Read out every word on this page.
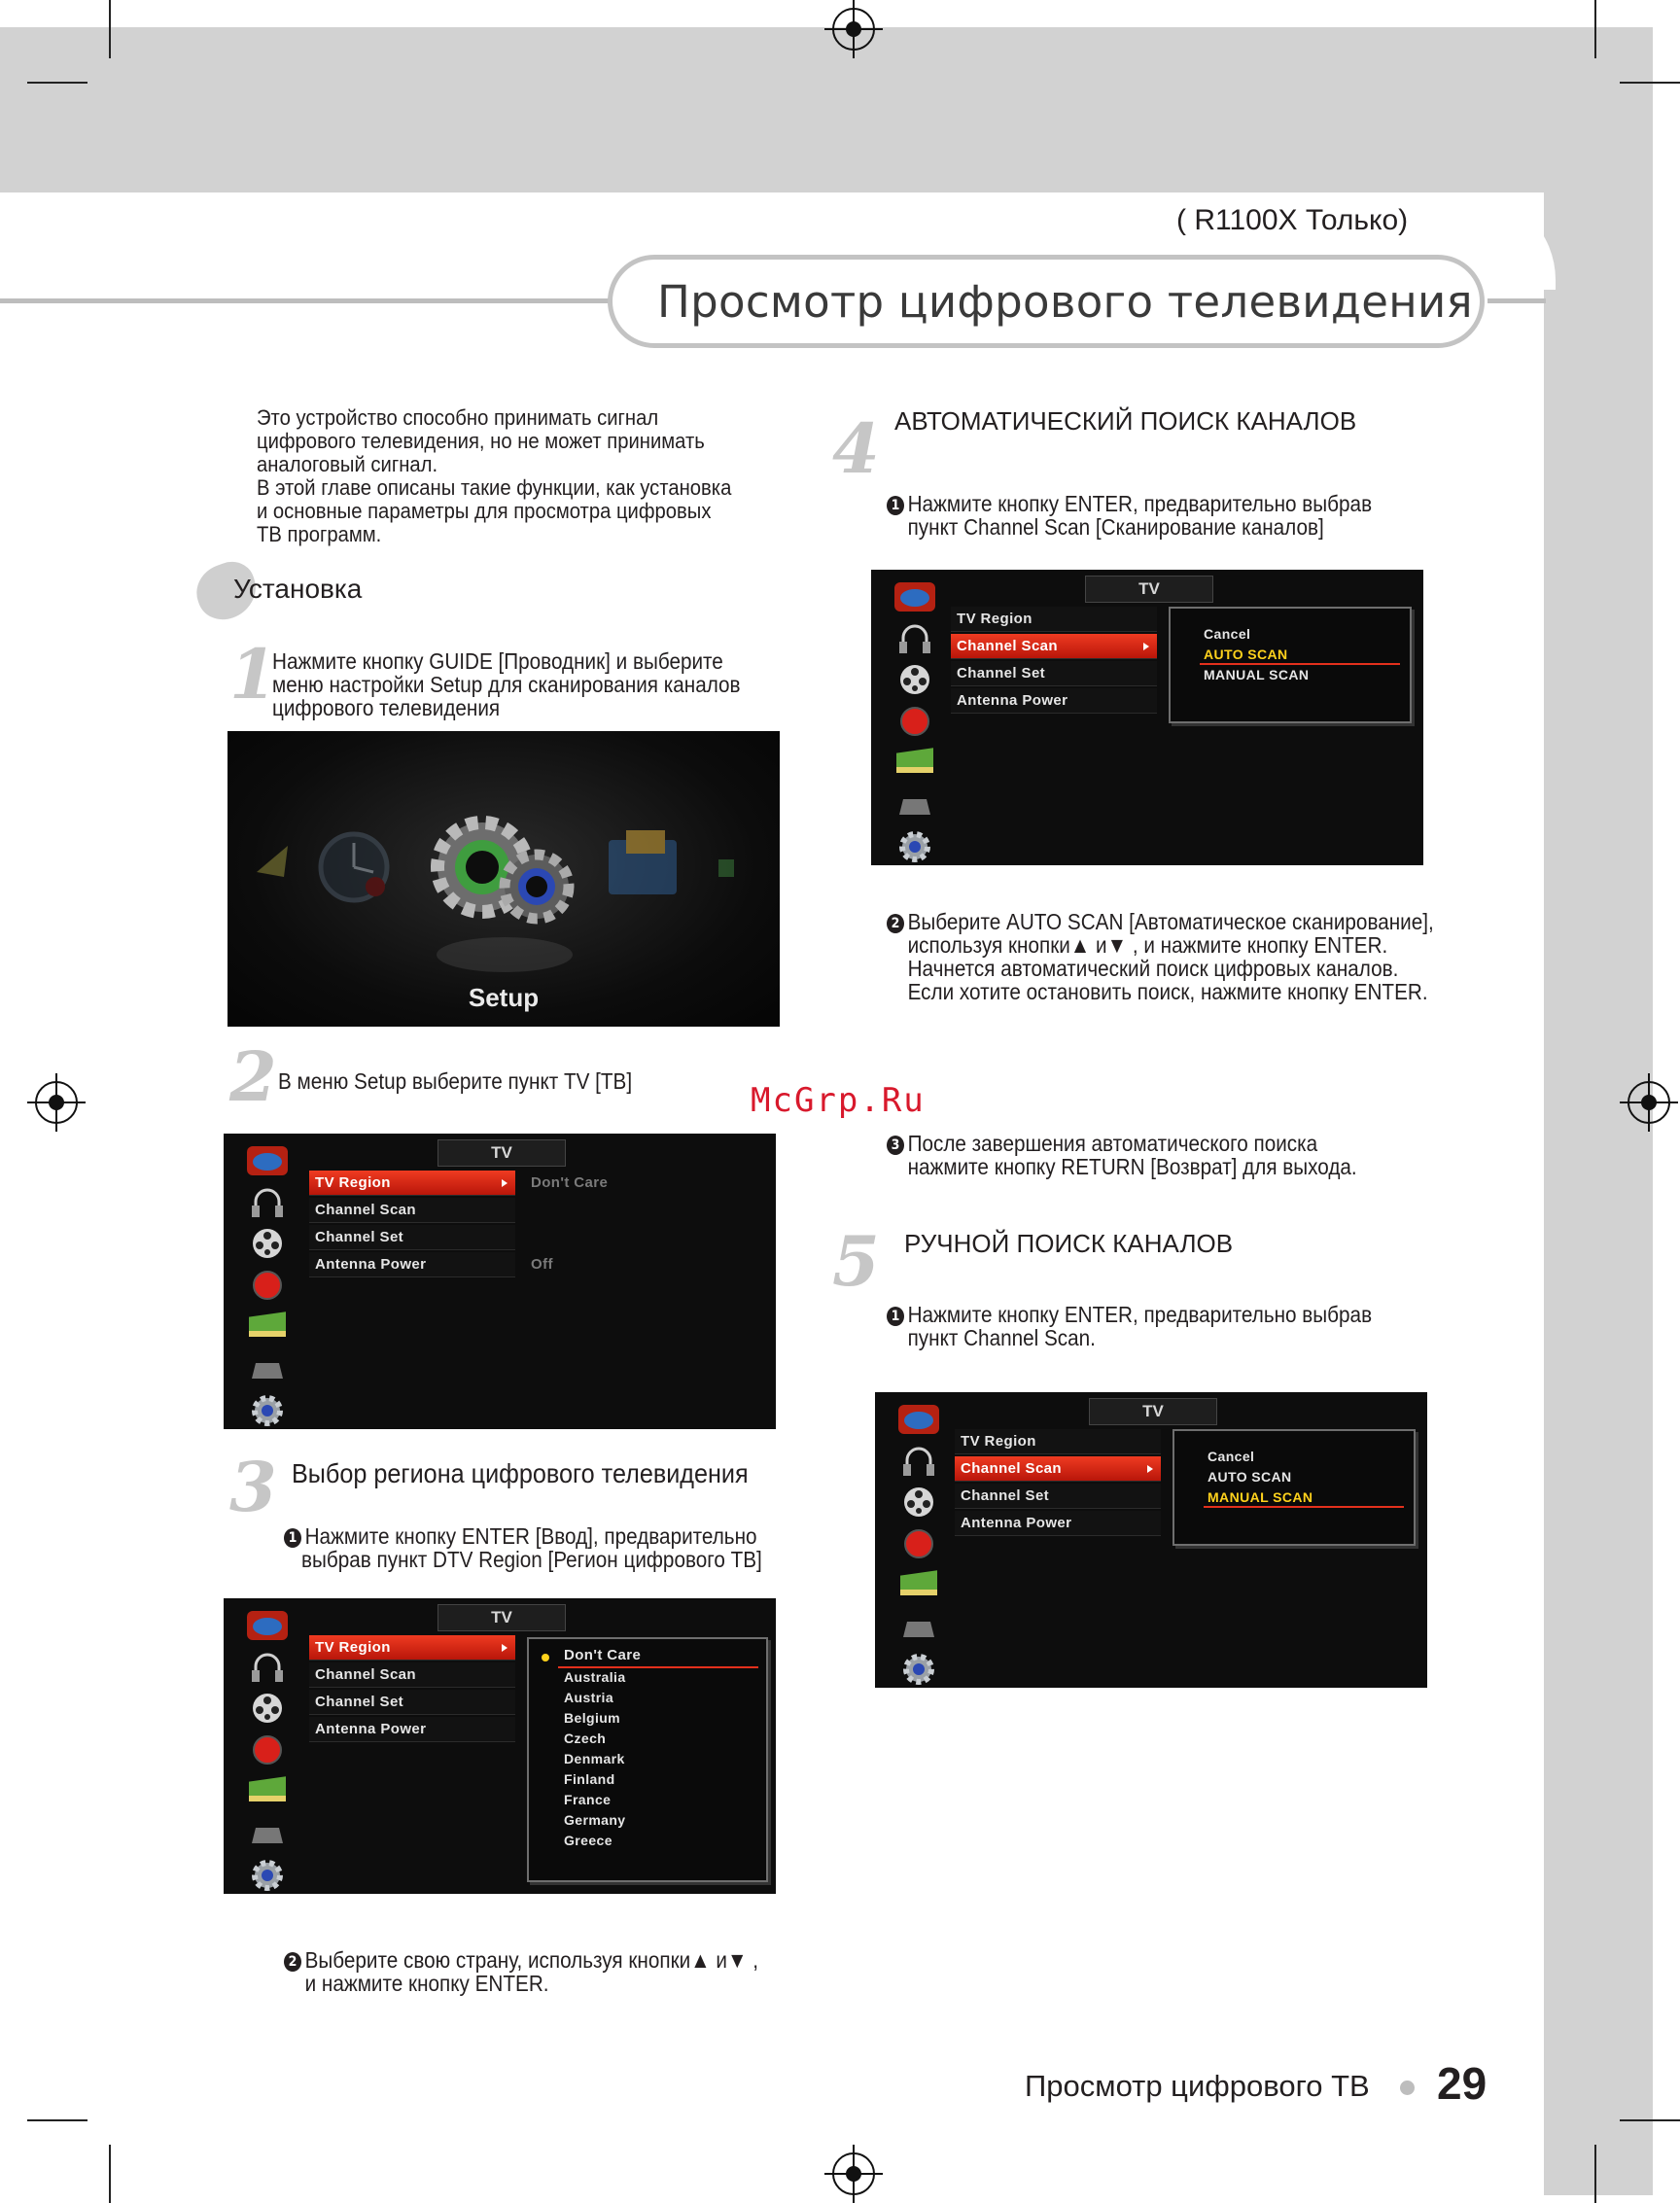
( R1100X Только)
Просмотр цифрового телевидения
Это устройство способно принимать сигнал
цифрового телевидения, но не может принимать
аналоговый сигнал.
В этой главе описаны такие функции, как установка
и основные параметры для просмотра цифровых
ТВ программ.
Установка
1
Нажмите кнопку GUIDE [Проводник] и выберите
меню настройки Setup для сканирования каналов
цифрового телевидения
Setup
2 В меню Setup выберите пункт TV [ТВ]
TV
TV Region
Channel Scan
Channel Set
Antenna Power
Don't Care
Off
3 Выбор региона цифрового телевидения
1 Нажмите кнопку ENTER [Ввод], предварительно
выбрав пункт DTV Region [Регион цифрового ТВ]
TV
TV Region
Channel Scan
Channel Set
Antenna Power
Don't Care
Australia
Austria
Belgium
Czech
Denmark
Finland
France
Germany
Greece
2 Выберите свою страну, используя кнопки▲ и▼ ,
и нажмите кнопку ENTER.
4 АВТОМАТИЧЕСКИЙ ПОИСК КАНАЛОВ
1 Нажмите кнопку ENTER, предварительно выбрав
пункт Channel Scan [Сканирование каналов]
TV
TV Region
Channel Scan
Channel Set
Antenna Power
Cancel
AUTO SCAN
MANUAL SCAN
2 Выберите AUTO SCAN [Автоматическое сканирование],
используя кнопки▲ и▼ , и нажмите кнопку ENTER.
Начнется автоматический поиск цифровых каналов.
Если хотите остановить поиск, нажмите кнопку ENTER.
McGrp.Ru
3 После завершения автоматического поиска
нажмите кнопку RETURN [Возврат] для выхода.
5 РУЧНОЙ ПОИСК КАНАЛОВ
1 Нажмите кнопку ENTER, предварительно выбрав
пункт Channel Scan.
TV
TV Region
Channel Scan
Channel Set
Antenna Power
Cancel
AUTO SCAN
MANUAL SCAN
Просмотр цифрового ТВ 29
